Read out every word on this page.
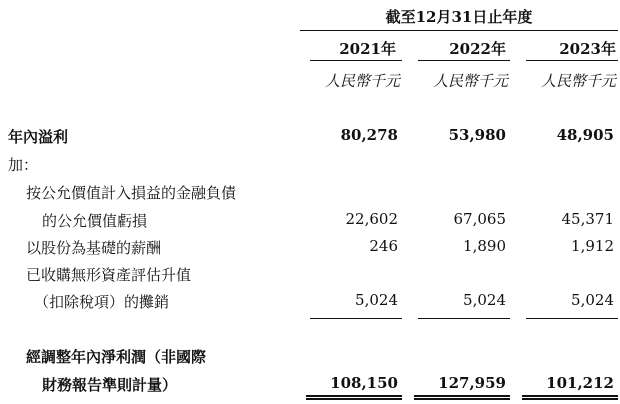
截至12月31日止年度
2021年	2022年	2023年
人民幣千元	人民幣千元	人民幣千元
年內溢利	80,278	53,980	48,905
加：
按公允價值計入損益的金融負債
的公允價值虧損	22,602	67,065	45,371
以股份為基礎的薪酬	246	1,890	1,912
已收購無形資產評估升值
（扣除稅項）的攤銷	5,024	5,024	5,024
經調整年內淨利潤（非國際
財務報告準則計量）	108,150	127,959	101,212
